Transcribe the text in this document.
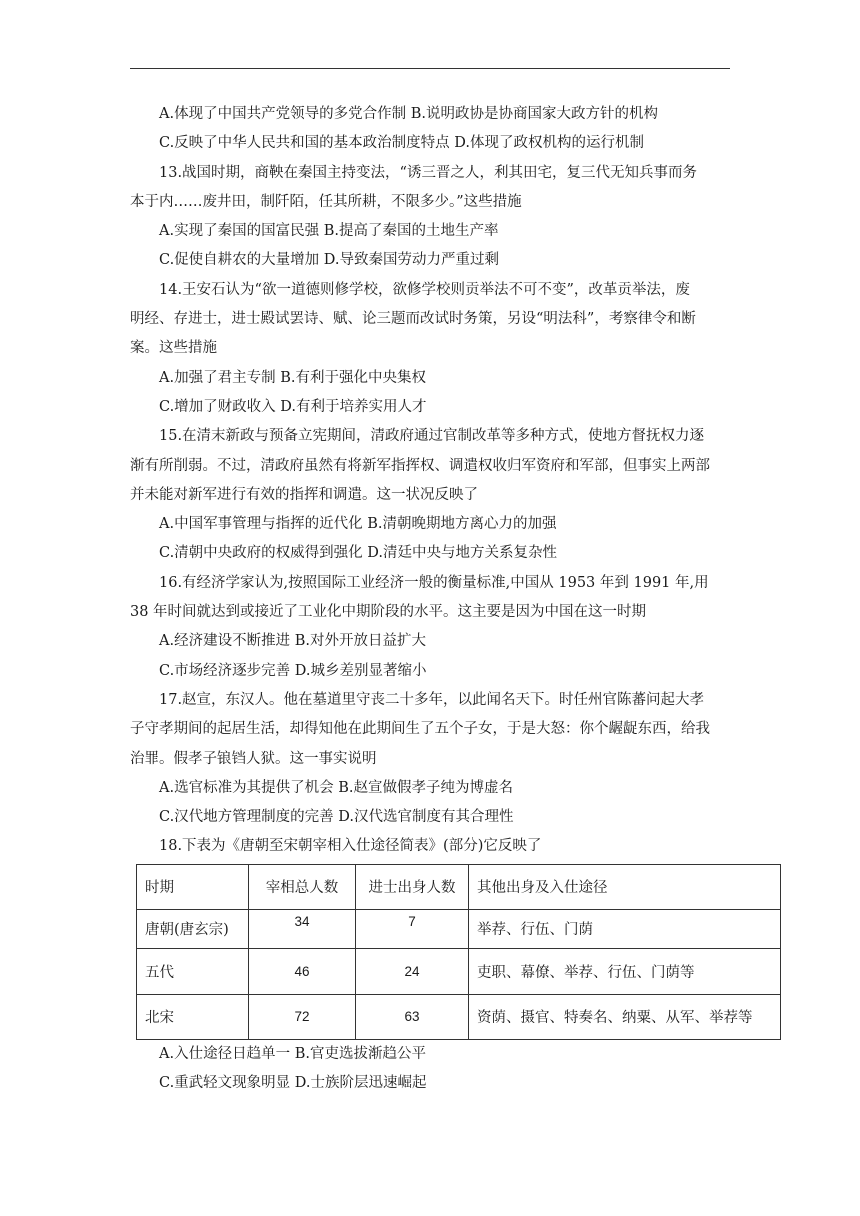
A.体现了中国共产党领导的多党合作制 B.说明政协是协商国家大政方针的机构
C.反映了中华人民共和国的基本政治制度特点 D.体现了政权机构的运行机制
13.战国时期，商鞅在秦国主持变法，“诱三晋之人，利其田宅，复三代无知兵事而务
本于内……废井田，制阡陌，任其所耕，不限多少。”这些措施
A.实现了秦国的国富民强 B.提高了秦国的土地生产率
C.促使自耕农的大量增加 D.导致秦国劳动力严重过剩
14.王安石认为“欲一道德则修学校，欲修学校则贡举法不可不变”，改革贡举法，废
明经、存进士，进士殿试罢诗、赋、论三题而改试时务策，另设“明法科”，考察律令和断
案。这些措施
A.加强了君主专制 B.有利于强化中央集权
C.增加了财政收入 D.有利于培养实用人才
15.在清末新政与预备立宪期间，清政府通过官制改革等多种方式，使地方督抚权力逐
渐有所削弱。不过，清政府虽然有将新军指挥权、调遣权收归军资府和军部，但事实上两部
并未能对新军进行有效的指挥和调遣。这一状况反映了
A.中国军事管理与指挥的近代化 B.清朝晚期地方离心力的加强
C.清朝中央政府的权威得到强化 D.清廷中央与地方关系复杂性
16.有经济学家认为,按照国际工业经济一般的衡量标准,中国从 1953 年到 1991 年,用
38 年时间就达到或接近了工业化中期阶段的水平。这主要是因为中国在这一时期
A.经济建设不断推进 B.对外开放日益扩大
C.市场经济逐步完善 D.城乡差别显著缩小
17.赵宣，东汉人。他在墓道里守丧二十多年，以此闻名天下。时任州官陈蕃问起大孝
子守孝期间的起居生活，却得知他在此期间生了五个子女，于是大怒：你个龌龊东西，给我
治罪。假孝子锒铛人狱。这一事实说明
A.选官标准为其提供了机会 B.赵宣做假孝子纯为博虚名
C.汉代地方管理制度的完善 D.汉代选官制度有其合理性
18.下表为《唐朝至宋朝宰相入仕途径简表》(部分)它反映了
时期	宰相总人数	进士出身人数	其他出身及入仕途径
唐朝(唐玄宗)	34	7	举荐、行伍、门荫
五代	46	24	吏职、幕僚、举荐、行伍、门荫等
北宋	72	63	资荫、摄官、特奏名、纳粟、从军、举荐等
A.入仕途径日趋单一 B.官吏选拔渐趋公平
C.重武轻文现象明显 D.士族阶层迅速崛起
